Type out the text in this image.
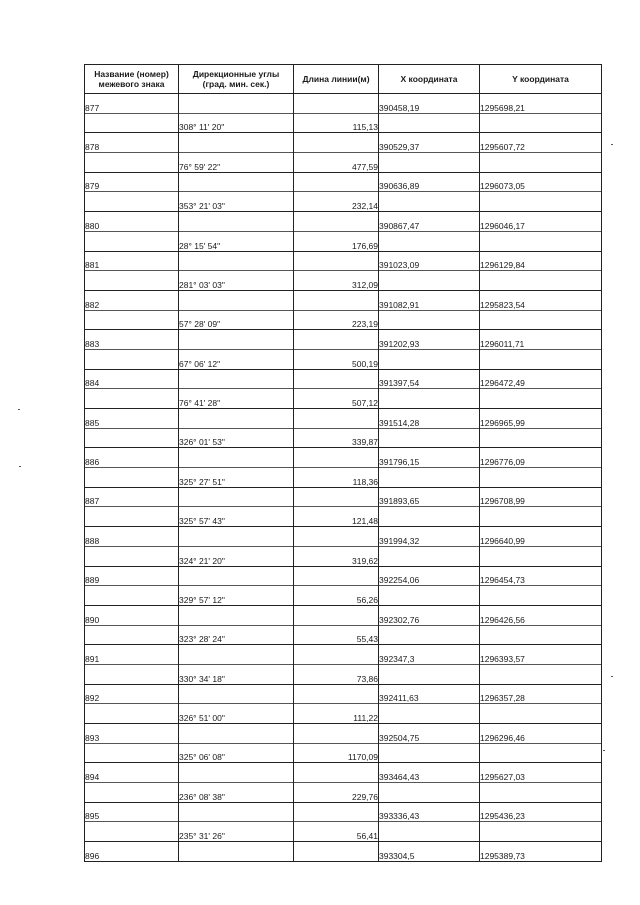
Название (номер) межевого знака	Дирекционные углы (град. мин. сек.)	Длина линии(м)	X координата	Y координата
877			390458,19	1295698,21
	308° 11' 20"	115,13		
878			390529,37	1295607,72
	76° 59' 22"	477,59		
879			390636,89	1296073,05
	353° 21' 03"	232,14		
880			390867,47	1296046,17
	28° 15' 54"	176,69		
881			391023,09	1296129,84
	281° 03' 03"	312,09		
882			391082,91	1295823,54
	57° 28' 09"	223,19		
883			391202,93	1296011,71
	67° 06' 12"	500,19		
884			391397,54	1296472,49
	76° 41' 28"	507,12		
885			391514,28	1296965,99
	326° 01' 53"	339,87		
886			391796,15	1296776,09
	325° 27' 51"	118,36		
887			391893,65	1296708,99
	325° 57' 43"	121,48		
888			391994,32	1296640,99
	324° 21' 20"	319,62		
889			392254,06	1296454,73
	329° 57' 12"	56,26		
890			392302,76	1296426,56
	323° 28' 24"	55,43		
891			392347,3	1296393,57
	330° 34' 18"	73,86		
892			392411,63	1296357,28
	326° 51' 00"	111,22		
893			392504,75	1296296,46
	325° 06' 08"	1170,09		
894			393464,43	1295627,03
	236° 08' 38"	229,76		
895			393336,43	1295436,23
	235° 31' 26"	56,41		
896			393304,5	1295389,73
